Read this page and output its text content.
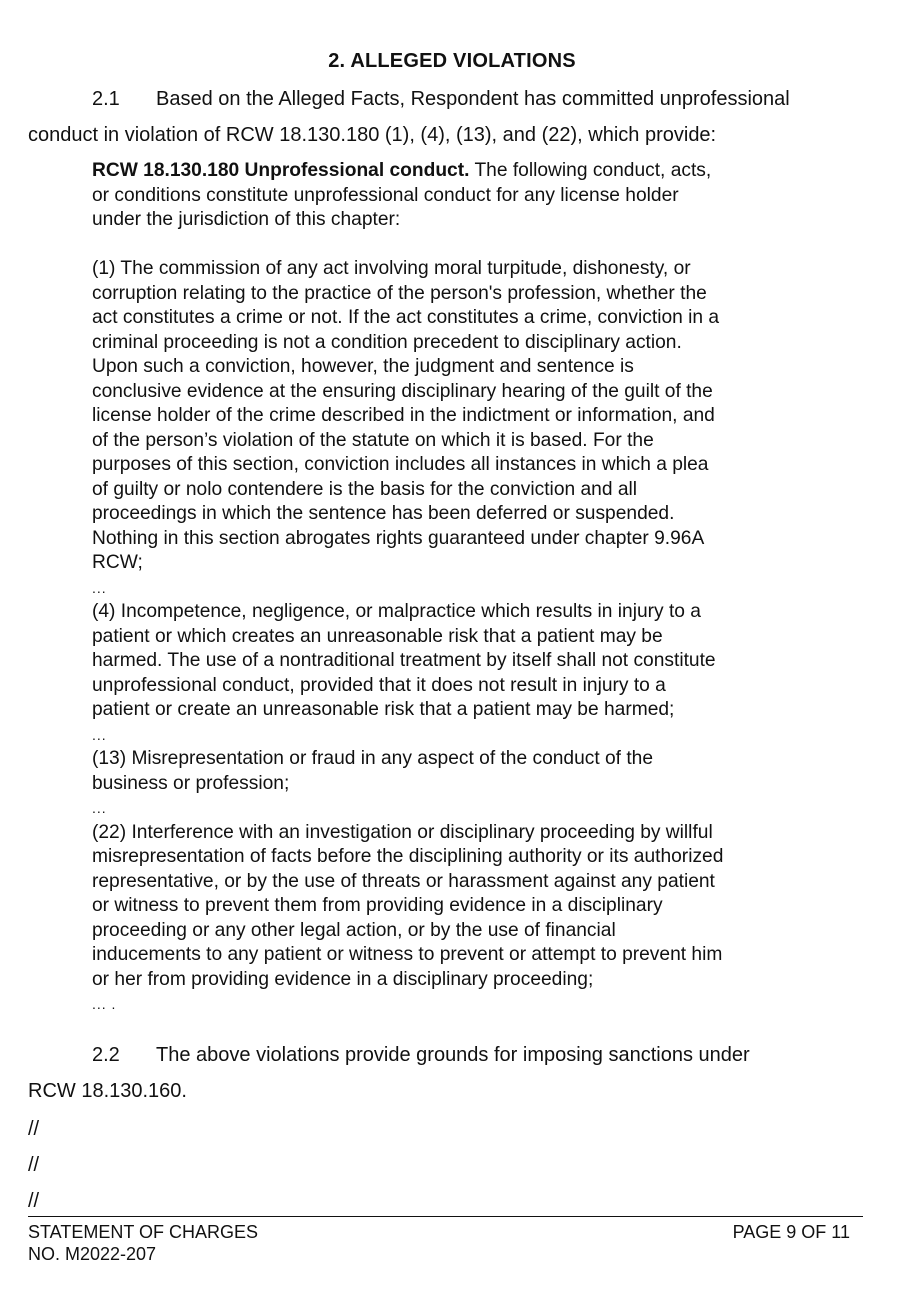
2. ALLEGED VIOLATIONS
2.1 Based on the Alleged Facts, Respondent has committed unprofessional
conduct in violation of RCW 18.130.180 (1), (4), (13), and (22), which provide:

RCW 18.130.180 Unprofessional conduct. The following conduct, acts,
or conditions constitute unprofessional conduct for any license holder
under the jurisdiction of this chapter:

(1) The commission of any act involving moral turpitude, dishonesty, or
corruption relating to the practice of the person's profession, whether the
act constitutes a crime or not. If the act constitutes a crime, conviction in a
criminal proceeding is not a condition precedent to disciplinary action.
Upon such a conviction, however, the judgment and sentence is
conclusive evidence at the ensuring disciplinary hearing of the guilt of the
license holder of the crime described in the indictment or information, and
of the person’s violation of the statute on which it is based. For the
purposes of this section, conviction includes all instances in which a plea
of guilty or nolo contendere is the basis for the conviction and all
proceedings in which the sentence has been deferred or suspended.
Nothing in this section abrogates rights guaranteed under chapter 9.96A
RCW;

...

(4) Incompetence, negligence, or malpractice which results in injury to a
patient or which creates an unreasonable risk that a patient may be
harmed. The use of a nontraditional treatment by itself shall not constitute
unprofessional conduct, provided that it does not result in injury to a
patient or create an unreasonable risk that a patient may be harmed;

...

(13) Misrepresentation or fraud in any aspect of the conduct of the
business or profession;

...

(22) Interference with an investigation or disciplinary proceeding by willful
misrepresentation of facts before the disciplining authority or its authorized
representative, or by the use of threats or harassment against any patient
or witness to prevent them from providing evidence in a disciplinary
proceeding or any other legal action, or by the use of financial
inducements to any patient or witness to prevent or attempt to prevent him
or her from providing evidence in a disciplinary proceeding;

... .
2.2 The above violations provide grounds for imposing sanctions under
RCW 18.130.160.
//
//
//
STATEMENT OF CHARGES
NO. M2022-207
PAGE 9 OF 11
